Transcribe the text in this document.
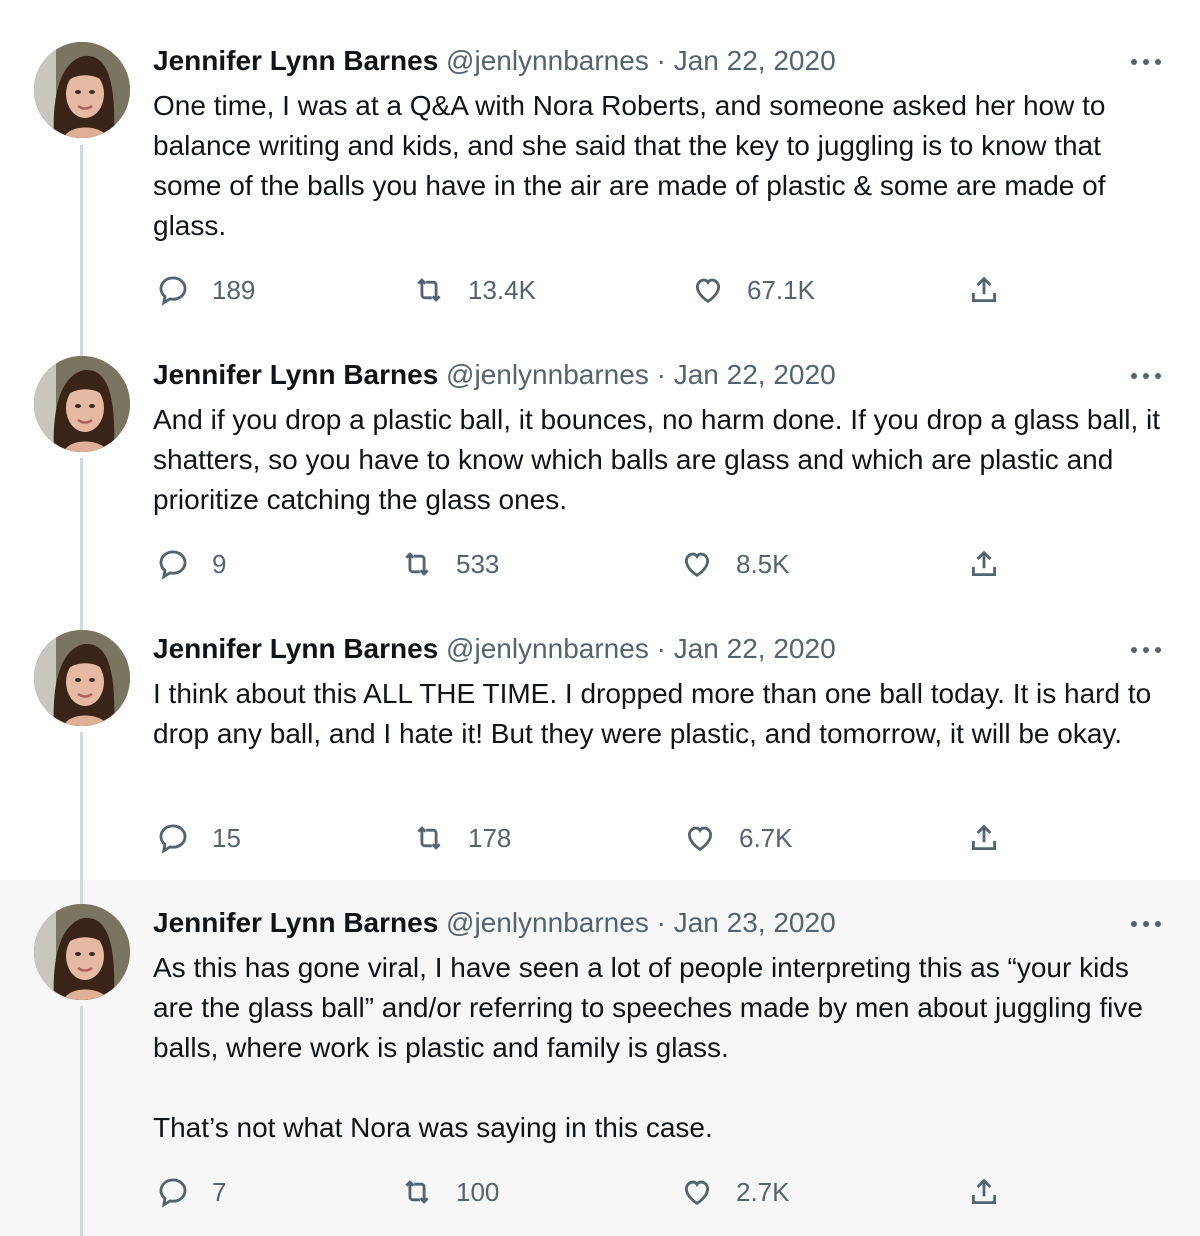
Jennifer Lynn Barnes @jenlynnbarnes · Jan 22, 2020
One time, I was at a Q&A with Nora Roberts, and someone asked her how to balance writing and kids, and she said that the key to juggling is to know that some of the balls you have in the air are made of plastic & some are made of glass.
189	13.4K	67.1K
Jennifer Lynn Barnes @jenlynnbarnes · Jan 22, 2020
And if you drop a plastic ball, it bounces, no harm done. If you drop a glass ball, it shatters, so you have to know which balls are glass and which are plastic and prioritize catching the glass ones.
9	533	8.5K
Jennifer Lynn Barnes @jenlynnbarnes · Jan 22, 2020
I think about this ALL THE TIME. I dropped more than one ball today. It is hard to drop any ball, and I hate it! But they were plastic, and tomorrow, it will be okay.
15	178	6.7K
Jennifer Lynn Barnes @jenlynnbarnes · Jan 23, 2020
As this has gone viral, I have seen a lot of people interpreting this as “your kids are the glass ball” and/or referring to speeches made by men about juggling five balls, where work is plastic and family is glass.

That’s not what Nora was saying in this case.
7	100	2.7K
